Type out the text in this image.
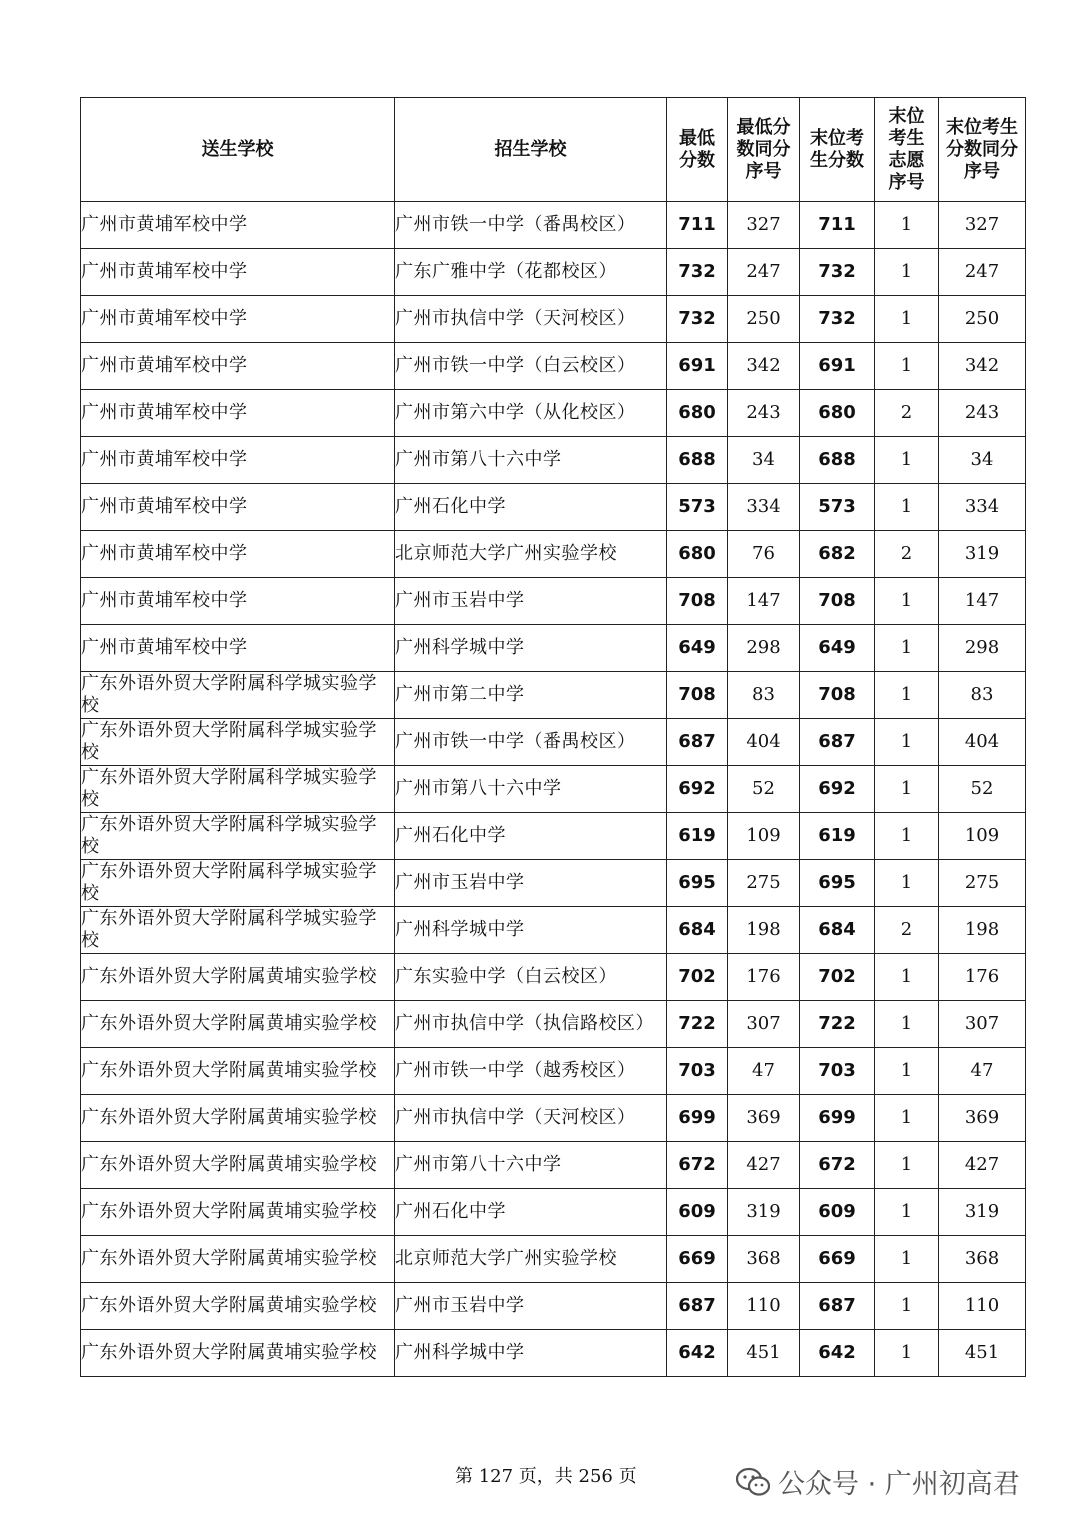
送生学校	招生学校	最低分数	最低分数同分序号	末位考生分数	末位考生志愿序号	末位考生分数同分序号

广州市黄埔军校中学	广州市铁一中学（番禺校区）	711	327	711	1	327
广州市黄埔军校中学	广东广雅中学（花都校区）	732	247	732	1	247
广州市黄埔军校中学	广州市执信中学（天河校区）	732	250	732	1	250
广州市黄埔军校中学	广州市铁一中学（白云校区）	691	342	691	1	342
广州市黄埔军校中学	广州市第六中学（从化校区）	680	243	680	2	243
广州市黄埔军校中学	广州市第八十六中学	688	34	688	1	34
广州市黄埔军校中学	广州石化中学	573	334	573	1	334
广州市黄埔军校中学	北京师范大学广州实验学校	680	76	682	2	319
广州市黄埔军校中学	广州市玉岩中学	708	147	708	1	147
广州市黄埔军校中学	广州科学城中学	649	298	649	1	298
广东外语外贸大学附属科学城实验学校	广州市第二中学	708	83	708	1	83
广东外语外贸大学附属科学城实验学校	广州市铁一中学（番禺校区）	687	404	687	1	404
广东外语外贸大学附属科学城实验学校	广州市第八十六中学	692	52	692	1	52
广东外语外贸大学附属科学城实验学校	广州石化中学	619	109	619	1	109
广东外语外贸大学附属科学城实验学校	广州市玉岩中学	695	275	695	1	275
广东外语外贸大学附属科学城实验学校	广州科学城中学	684	198	684	2	198
广东外语外贸大学附属黄埔实验学校	广东实验中学（白云校区）	702	176	702	1	176
广东外语外贸大学附属黄埔实验学校	广州市执信中学（执信路校区）	722	307	722	1	307
广东外语外贸大学附属黄埔实验学校	广州市铁一中学（越秀校区）	703	47	703	1	47
广东外语外贸大学附属黄埔实验学校	广州市执信中学（天河校区）	699	369	699	1	369
广东外语外贸大学附属黄埔实验学校	广州市第八十六中学	672	427	672	1	427
广东外语外贸大学附属黄埔实验学校	广州石化中学	609	319	609	1	319
广东外语外贸大学附属黄埔实验学校	北京师范大学广州实验学校	669	368	669	1	368
广东外语外贸大学附属黄埔实验学校	广州市玉岩中学	687	110	687	1	110
广东外语外贸大学附属黄埔实验学校	广州科学城中学	642	451	642	1	451
第 127 页，共 256 页	公众号 · 广州初高君
